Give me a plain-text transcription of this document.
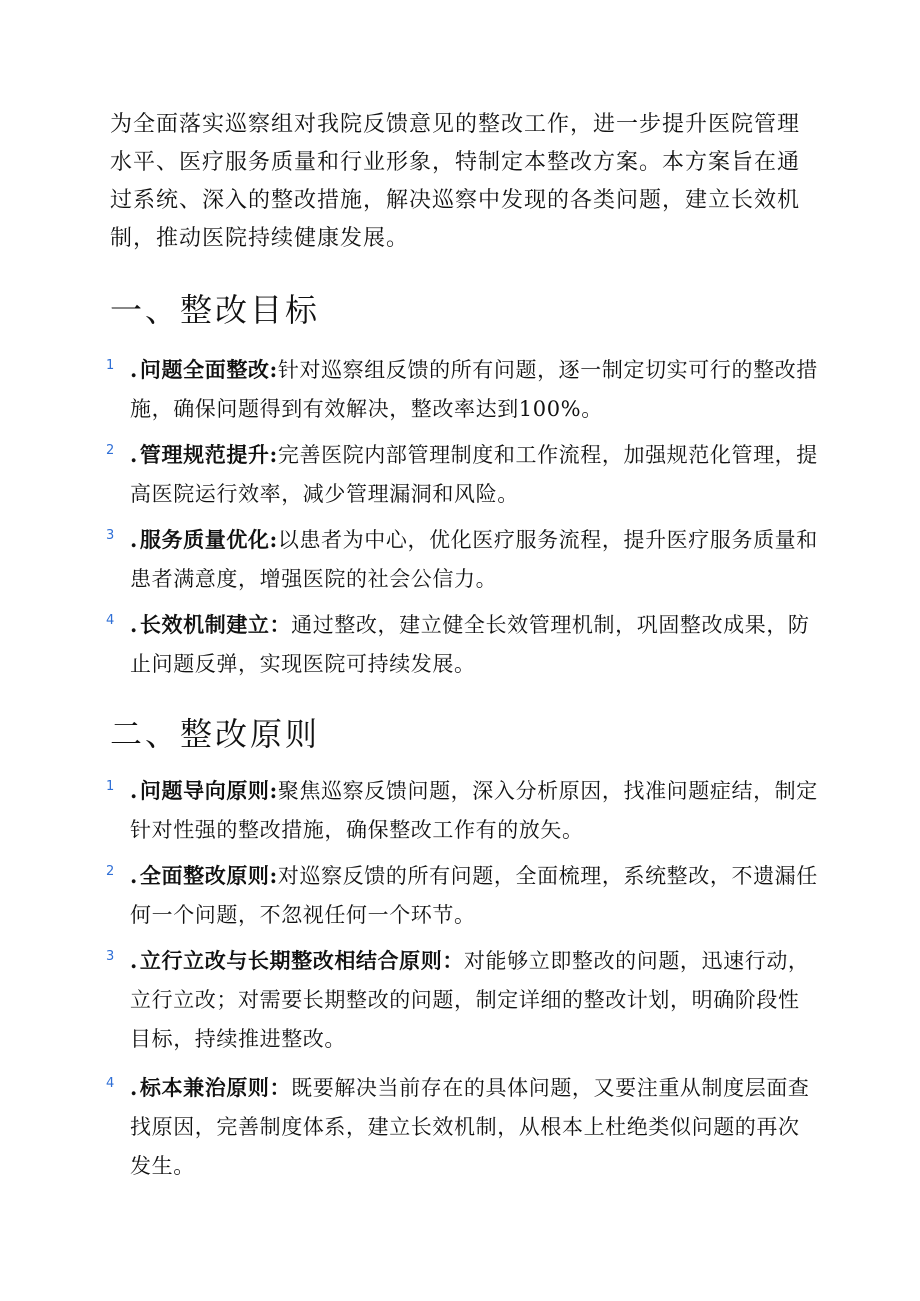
为全面落实巡察组对我院反馈意见的整改工作，进一步提升医院管理水平、医疗服务质量和行业形象，特制定本整改方案。本方案旨在通过系统、深入的整改措施，解决巡察中发现的各类问题，建立长效机制，推动医院持续健康发展。

一、整改目标
1 .问题全面整改:针对巡察组反馈的所有问题，逐一制定切实可行的整改措施，确保问题得到有效解决，整改率达到100%。

2 .管理规范提升:完善医院内部管理制度和工作流程，加强规范化管理，提高医院运行效率，减少管理漏洞和风险。

3 .服务质量优化:以患者为中心，优化医疗服务流程，提升医疗服务质量和患者满意度，增强医院的社会公信力。

4 .长效机制建立：通过整改，建立健全长效管理机制，巩固整改成果，防止问题反弹，实现医院可持续发展。

二、整改原则
1 .问题导向原则:聚焦巡察反馈问题，深入分析原因，找准问题症结，制定针对性强的整改措施，确保整改工作有的放矢。

2 .全面整改原则:对巡察反馈的所有问题，全面梳理，系统整改，不遗漏任何一个问题，不忽视任何一个环节。

3 .立行立改与长期整改相结合原则：对能够立即整改的问题，迅速行动，立行立改；对需要长期整改的问题，制定详细的整改计划，明确阶段性目标，持续推进整改。

4 .标本兼治原则：既要解决当前存在的具体问题，又要注重从制度层面查找原因，完善制度体系，建立长效机制，从根本上杜绝类似问题的再次发生。
